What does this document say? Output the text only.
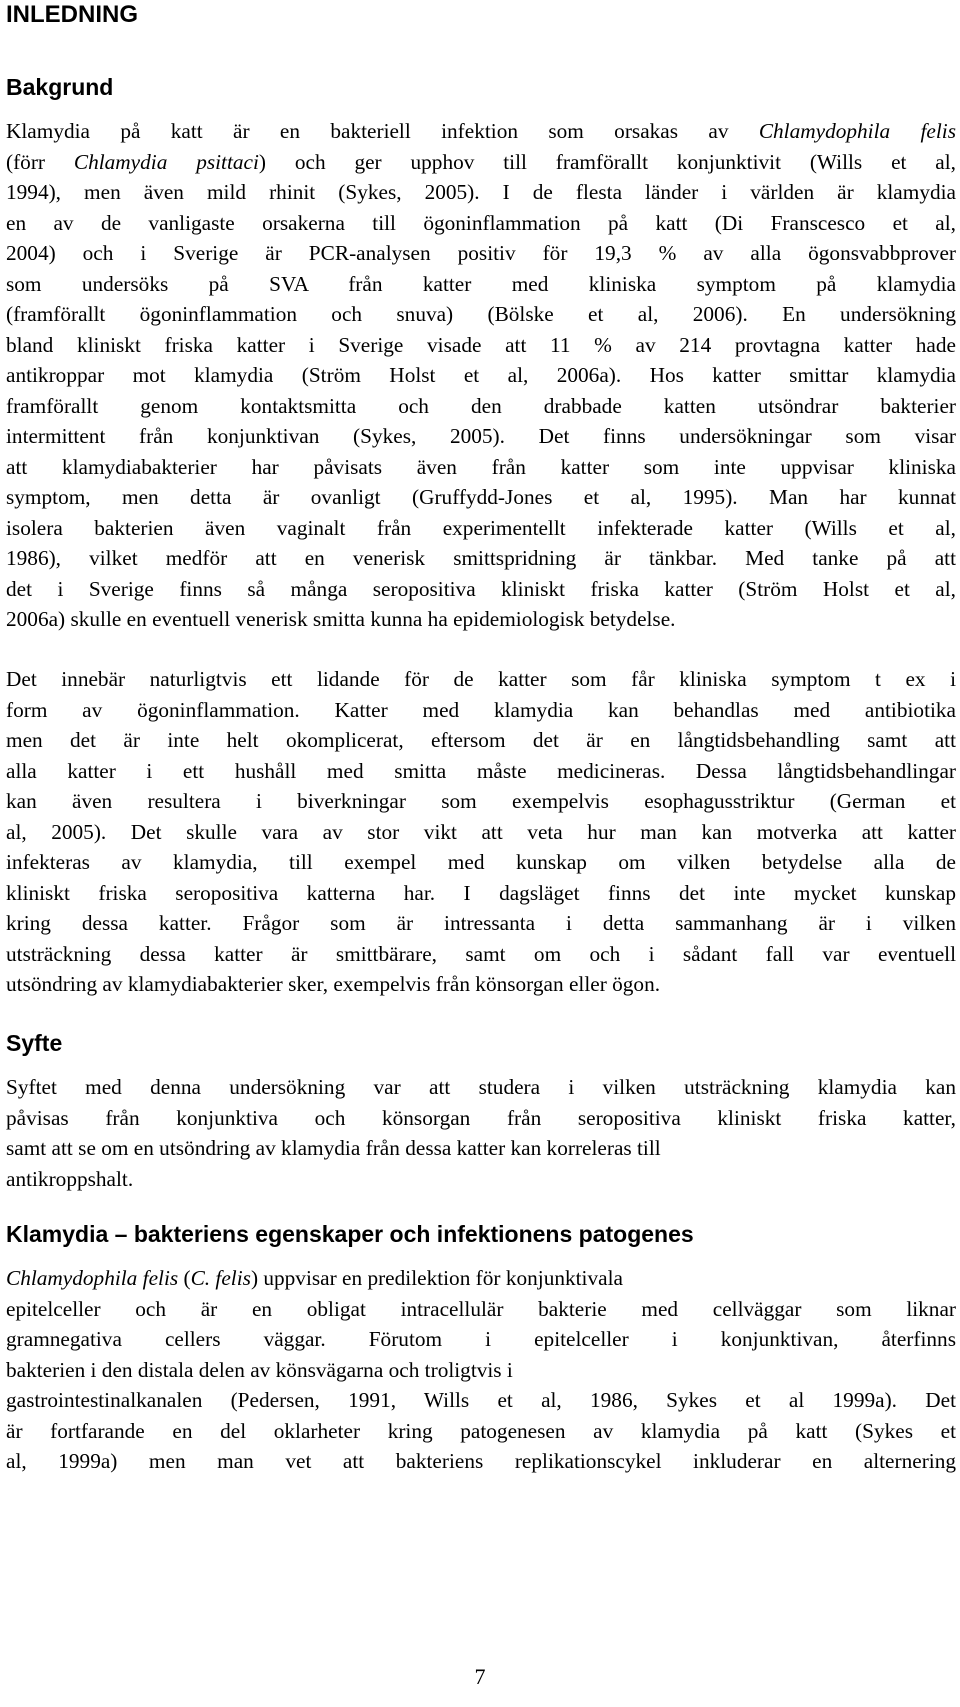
INLEDNING
Bakgrund
Klamydia på katt är en bakteriell infektion som orsakas av Chlamydophila felis
(förr Chlamydia psittaci) och ger upphov till framförallt konjunktivit (Wills et al,
1994), men även mild rhinit (Sykes, 2005). I de flesta länder i världen är klamydia
en av de vanligaste orsakerna till ögoninflammation på katt (Di Franscesco et al,
2004) och i Sverige är PCR-analysen positiv för 19,3 % av alla ögonsvabbprover
som undersöks på SVA från katter med kliniska symptom på klamydia
(framförallt ögoninflammation och snuva) (Bölske et al, 2006). En undersökning
bland kliniskt friska katter i Sverige visade att 11 % av 214 provtagna katter hade
antikroppar mot klamydia (Ström Holst et al, 2006a). Hos katter smittar klamydia
framförallt genom kontaktsmitta och den drabbade katten utsöndrar bakterier
intermittent från konjunktivan (Sykes, 2005). Det finns undersökningar som visar
att klamydiabakterier har påvisats även från katter som inte uppvisar kliniska
symptom, men detta är ovanligt (Gruffydd-Jones et al, 1995). Man har kunnat
isolera bakterien även vaginalt från experimentellt infekterade katter (Wills et al,
1986), vilket medför att en venerisk smittspridning är tänkbar. Med tanke på att
det i Sverige finns så många seropositiva kliniskt friska katter (Ström Holst et al,
2006a) skulle en eventuell venerisk smitta kunna ha epidemiologisk betydelse.
Det innebär naturligtvis ett lidande för de katter som får kliniska symptom t ex i
form av ögoninflammation. Katter med klamydia kan behandlas med antibiotika
men det är inte helt okomplicerat, eftersom det är en långtidsbehandling samt att
alla katter i ett hushåll med smitta måste medicineras. Dessa långtidsbehandlingar
kan även resultera i biverkningar som exempelvis esophagusstriktur (German et
al, 2005). Det skulle vara av stor vikt att veta hur man kan motverka att katter
infekteras av klamydia, till exempel med kunskap om vilken betydelse alla de
kliniskt friska seropositiva katterna har. I dagsläget finns det inte mycket kunskap
kring dessa katter. Frågor som är intressanta i detta sammanhang är i vilken
utsträckning dessa katter är smittbärare, samt om och i sådant fall var eventuell
utsöndring av klamydiabakterier sker, exempelvis från könsorgan eller ögon.
Syfte
Syftet med denna undersökning var att studera i vilken utsträckning klamydia kan
påvisas från konjunktiva och könsorgan från seropositiva kliniskt friska katter,
samt att se om en utsöndring av klamydia från dessa katter kan korreleras till
antikroppshalt.
Klamydia – bakteriens egenskaper och infektionens patogenes
Chlamydophila felis (C. felis) uppvisar en predilektion för konjunktivala
epitelceller och är en obligat intracellulär bakterie med cellväggar som liknar
gramnegativa cellers väggar. Förutom i epitelceller i konjunktivan, återfinns
bakterien i den distala delen av könsvägarna och troligtvis i
gastrointestinalkanalen (Pedersen, 1991, Wills et al, 1986, Sykes et al 1999a). Det
är fortfarande en del oklarheter kring patogenesen av klamydia på katt (Sykes et
al, 1999a) men man vet att bakteriens replikationscykel inkluderar en alternering
7
